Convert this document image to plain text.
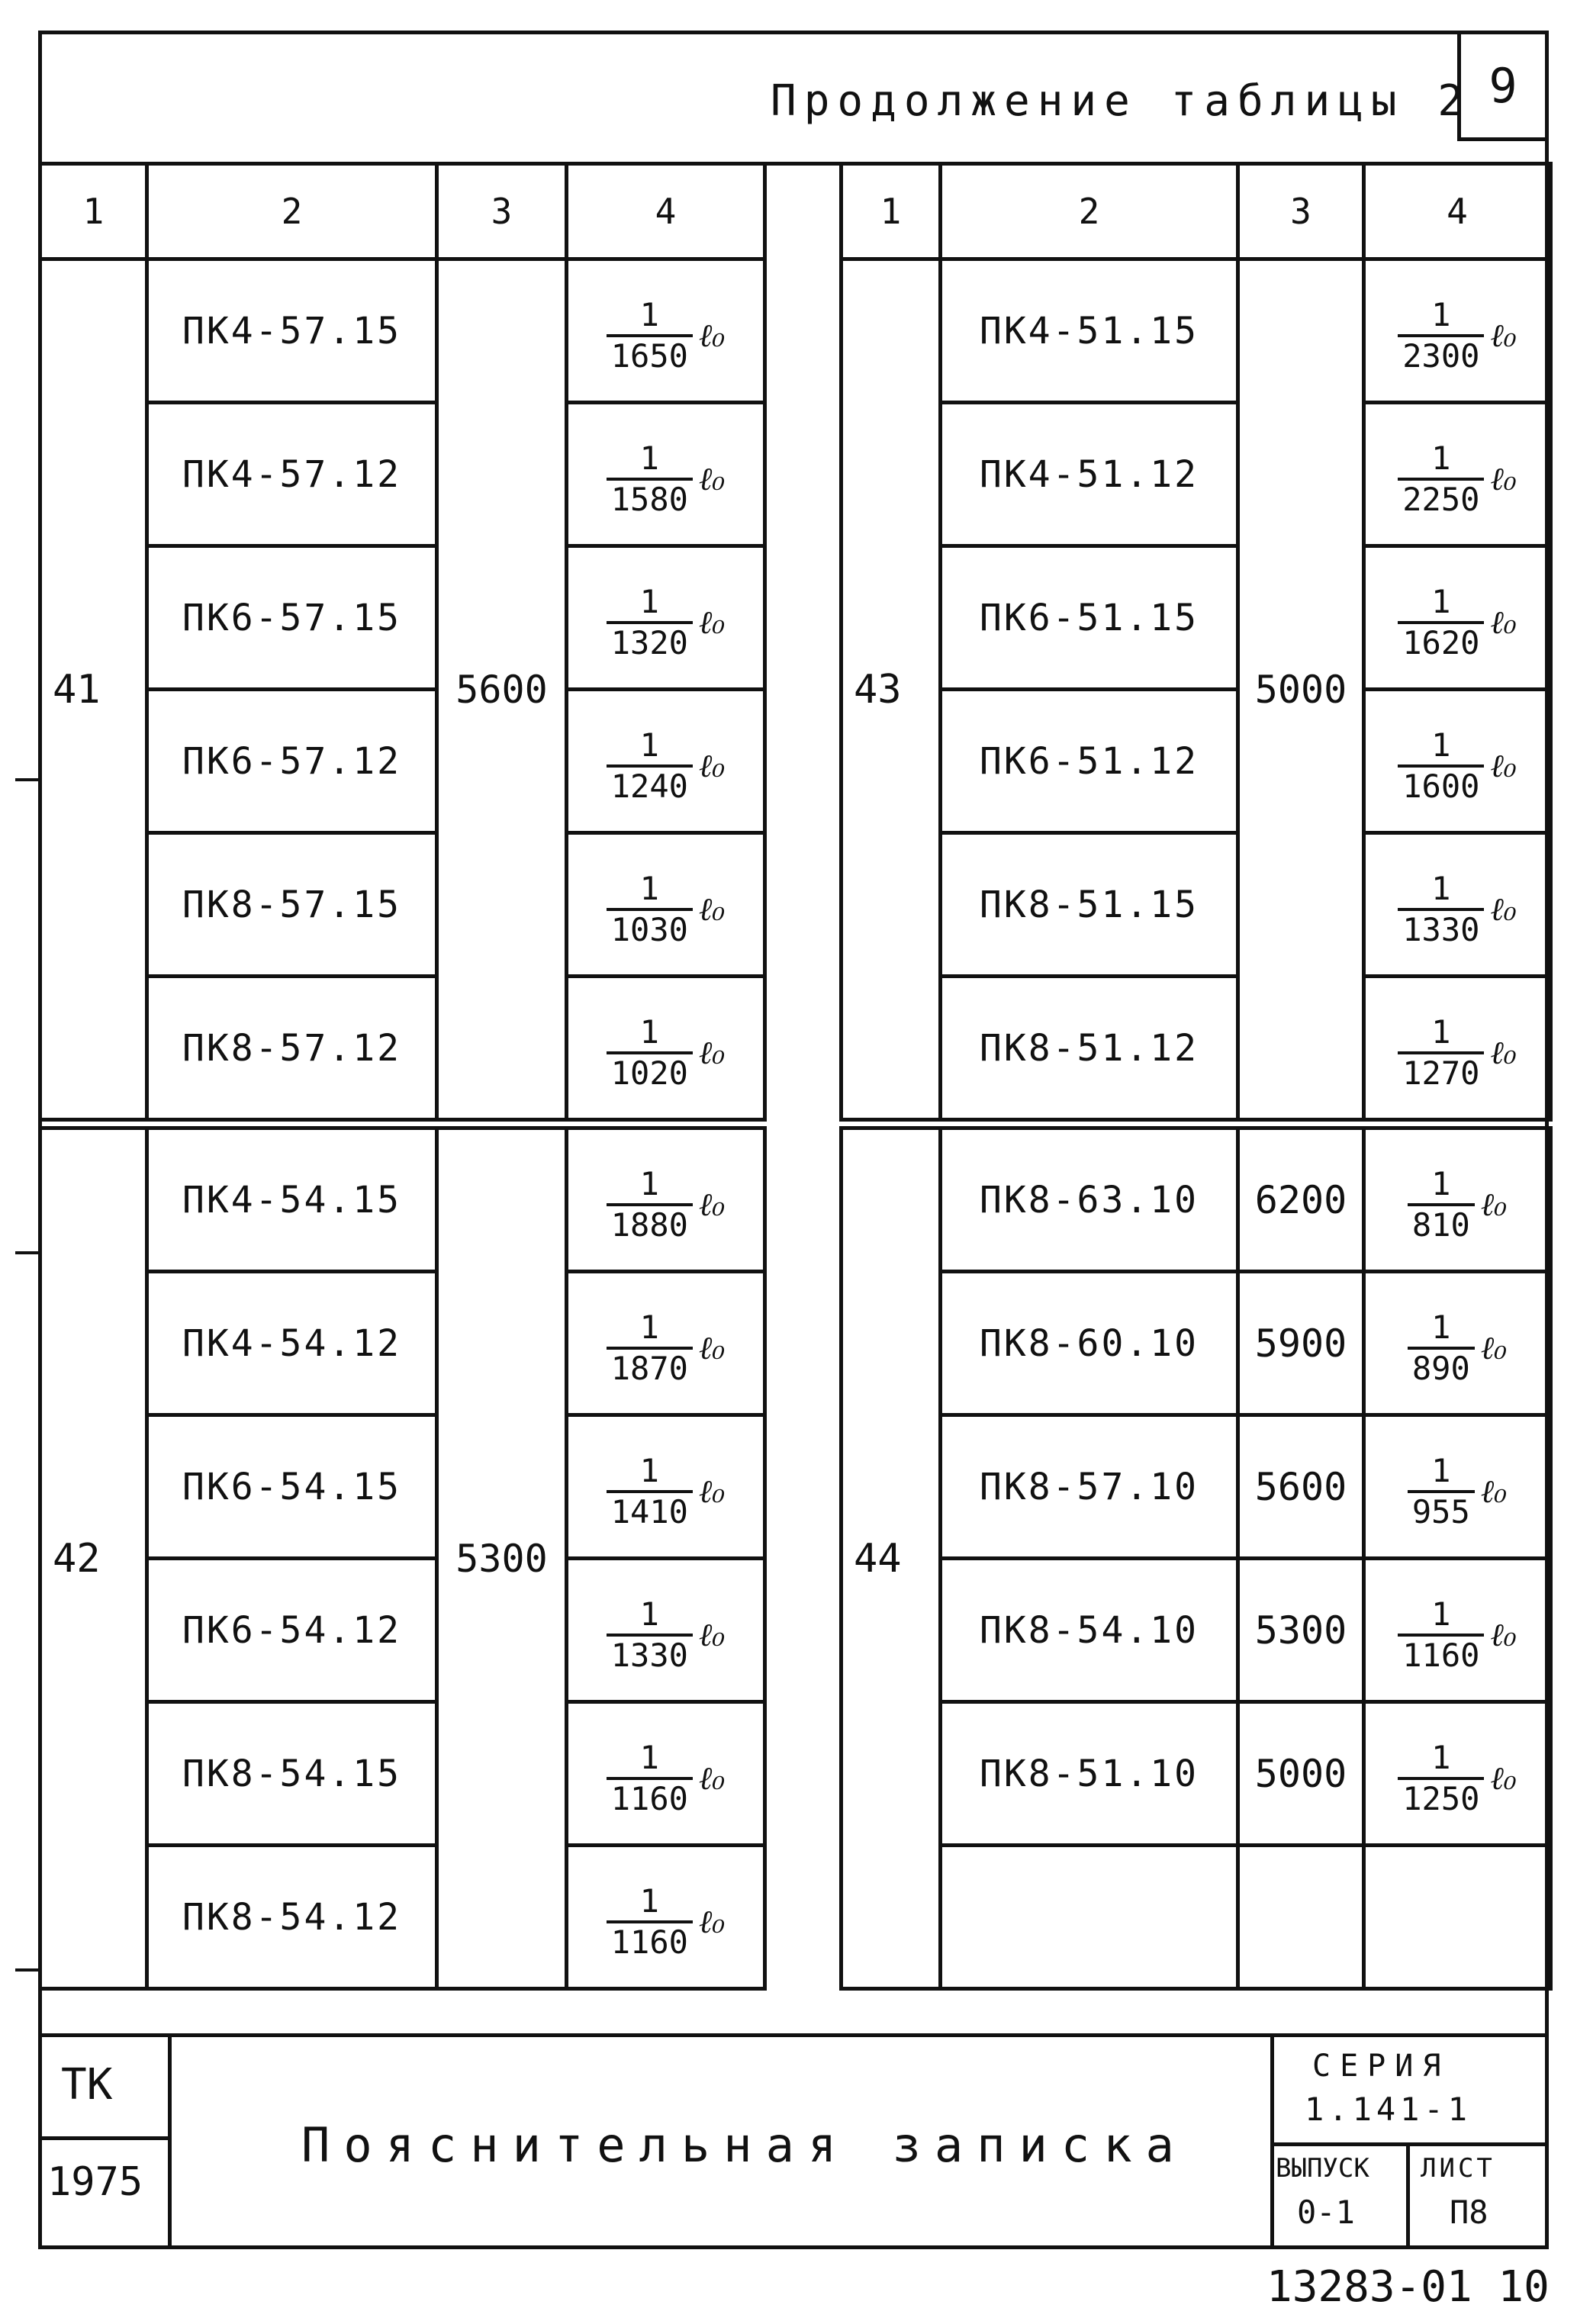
9
Продолжение таблицы 2
1	2	3	4
41	ПК4-57.15	5600	$\frac{1}{1650}$ ℓ₀

	ПК4-57.12		$\frac{1}{1580}$ ℓ₀

	ПК6-57.15		$\frac{1}{1320}$ ℓ₀

	ПК6-57.12		$\frac{1}{1240}$ ℓ₀

	ПК8-57.15		$\frac{1}{1030}$ ℓ₀

	ПК8-57.12		$\frac{1}{1020}$ ℓ₀

42	ПК4-54.15	5300	$\frac{1}{1880}$ ℓ₀

	ПК4-54.12		$\frac{1}{1870}$ ℓ₀

	ПК6-54.15		$\frac{1}{1410}$ ℓ₀

	ПК6-54.12		$\frac{1}{1330}$ ℓ₀

	ПК8-54.15		$\frac{1}{1160}$ ℓ₀

	ПК8-54.12		$\frac{1}{1160}$ ℓ₀
1	2	3	4
43	ПК4-51.15	5000	$\frac{1}{2300}$ ℓ₀

	ПК4-51.12		$\frac{1}{2250}$ ℓ₀

	ПК6-51.15		$\frac{1}{1620}$ ℓ₀

	ПК6-51.12		$\frac{1}{1600}$ ℓ₀

	ПК8-51.15		$\frac{1}{1330}$ ℓ₀

	ПК8-51.12		$\frac{1}{1270}$ ℓ₀

44	ПК8-63.10	6200	$\frac{1}{810}$ ℓ₀

	ПК8-60.10	5900	$\frac{1}{890}$ ℓ₀

	ПК8-57.10	5600	$\frac{1}{955}$ ℓ₀

	ПК8-54.10	5300	$\frac{1}{1160}$ ℓ₀

	ПК8-51.10	5000	$\frac{1}{1250}$ ℓ₀

ТК
1975
Пояснительная записка
СЕРИЯ
1.141-1
ВЫПУСК
0-1
ЛИСТ
П8
13283-01 10
